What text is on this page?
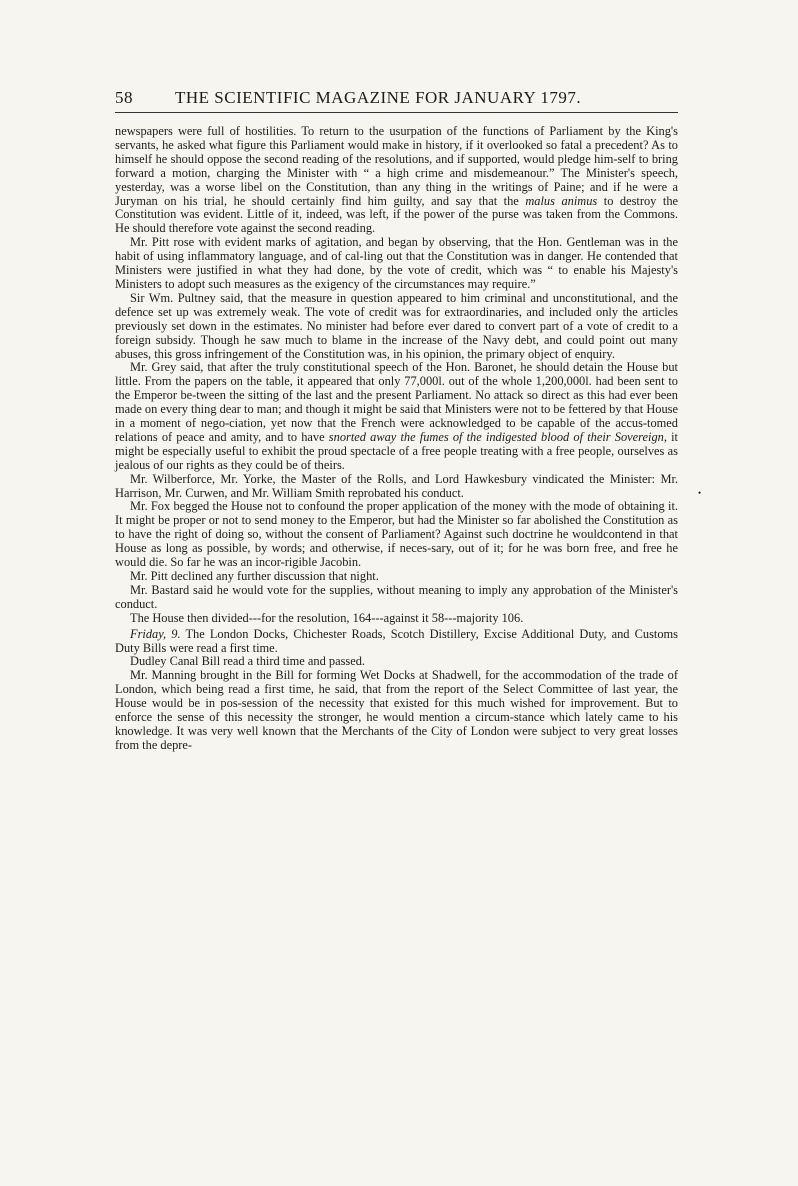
58	THE SCIENTIFIC MAGAZINE FOR JANUARY 1797.

newspapers were full of hostilities. To return to the usurpation of the functions of Parliament by the King's servants, he asked what figure this Parliament would make in history, if it overlooked so fatal a precedent? As to himself he should oppose the second reading of the resolutions, and if supported, would pledge him-self to bring forward a motion, charging the Minister with “ a high crime and misdemeanour.” The Minister's speech, yesterday, was a worse libel on the Constitution, than any thing in the writings of Paine; and if he were a Juryman on his trial, he should certainly find him guilty, and say that the malus animus to destroy the Constitution was evident. Little of it, indeed, was left, if the power of the purse was taken from the Commons. He should therefore vote against the second reading.

Mr. Pitt rose with evident marks of agitation, and began by observing, that the Hon. Gentleman was in the habit of using inflammatory language, and of cal-ling out that the Constitution was in danger. He contended that Ministers were justified in what they had done, by the vote of credit, which was “ to enable his Majesty's Ministers to adopt such measures as the exigency of the circumstances may require.”

Sir Wm. Pultney said, that the measure in question appeared to him criminal and unconstitutional, and the defence set up was extremely weak. The vote of credit was for extraordinaries, and included only the articles previously set down in the estimates. No minister had before ever dared to convert part of a vote of credit to a foreign subsidy. Though he saw much to blame in the increase of the Navy debt, and could point out many abuses, this gross infringement of the Constitution was, in his opinion, the primary object of enquiry.

Mr. Grey said, that after the truly constitutional speech of the Hon. Baronet, he should detain the House but little. From the papers on the table, it appeared that only 77,000l. out of the whole 1,200,000l. had been sent to the Emperor be-tween the sitting of the last and the present Parliament. No attack so direct as this had ever been made on every thing dear to man; and though it might be said that Ministers were not to be fettered by that House in a moment of nego-ciation, yet now that the French were acknowledged to be capable of the accus-tomed relations of peace and amity, and to have snorted away the fumes of the indigested blood of their Sovereign, it might be especially useful to exhibit the proud spectacle of a free people treating with a free people, ourselves as jealous of our rights as they could be of theirs.

Mr. Wilberforce, Mr. Yorke, the Master of the Rolls, and Lord Hawkesbury vindicated the Minister: Mr. Harrison, Mr. Curwen, and Mr. William Smith reprobated his conduct.

Mr. Fox begged the House not to confound the proper application of the money with the mode of obtaining it. It might be proper or not to send money to the Emperor, but had the Minister so far abolished the Constitution as to have the right of doing so, without the consent of Parliament? Against such doctrine he wouldcontend in that House as long as possible, by words; and otherwise, if neces-sary, out of it; for he was born free, and free he would die. So far he was an incor-rigible Jacobin.

Mr. Pitt declined any further discussion that night.

Mr. Bastard said he would vote for the supplies, without meaning to imply any approbation of the Minister's conduct.

The House then divided---for the resolution, 164---against it 58---majority 106.

Friday, 9. The London Docks, Chichester Roads, Scotch Distillery, Excise Additional Duty, and Customs Duty Bills were read a first time.

Dudley Canal Bill read a third time and passed.

Mr. Manning brought in the Bill for forming Wet Docks at Shadwell, for the accommodation of the trade of London, which being read a first time, he said, that from the report of the Select Committee of last year, the House would be in pos-session of the necessity that existed for this much wished for improvement. But to enforce the sense of this necessity the stronger, he would mention a circum-stance which lately came to his knowledge. It was very well known that the Merchants of the City of London were subject to very great losses from the depre-

•
